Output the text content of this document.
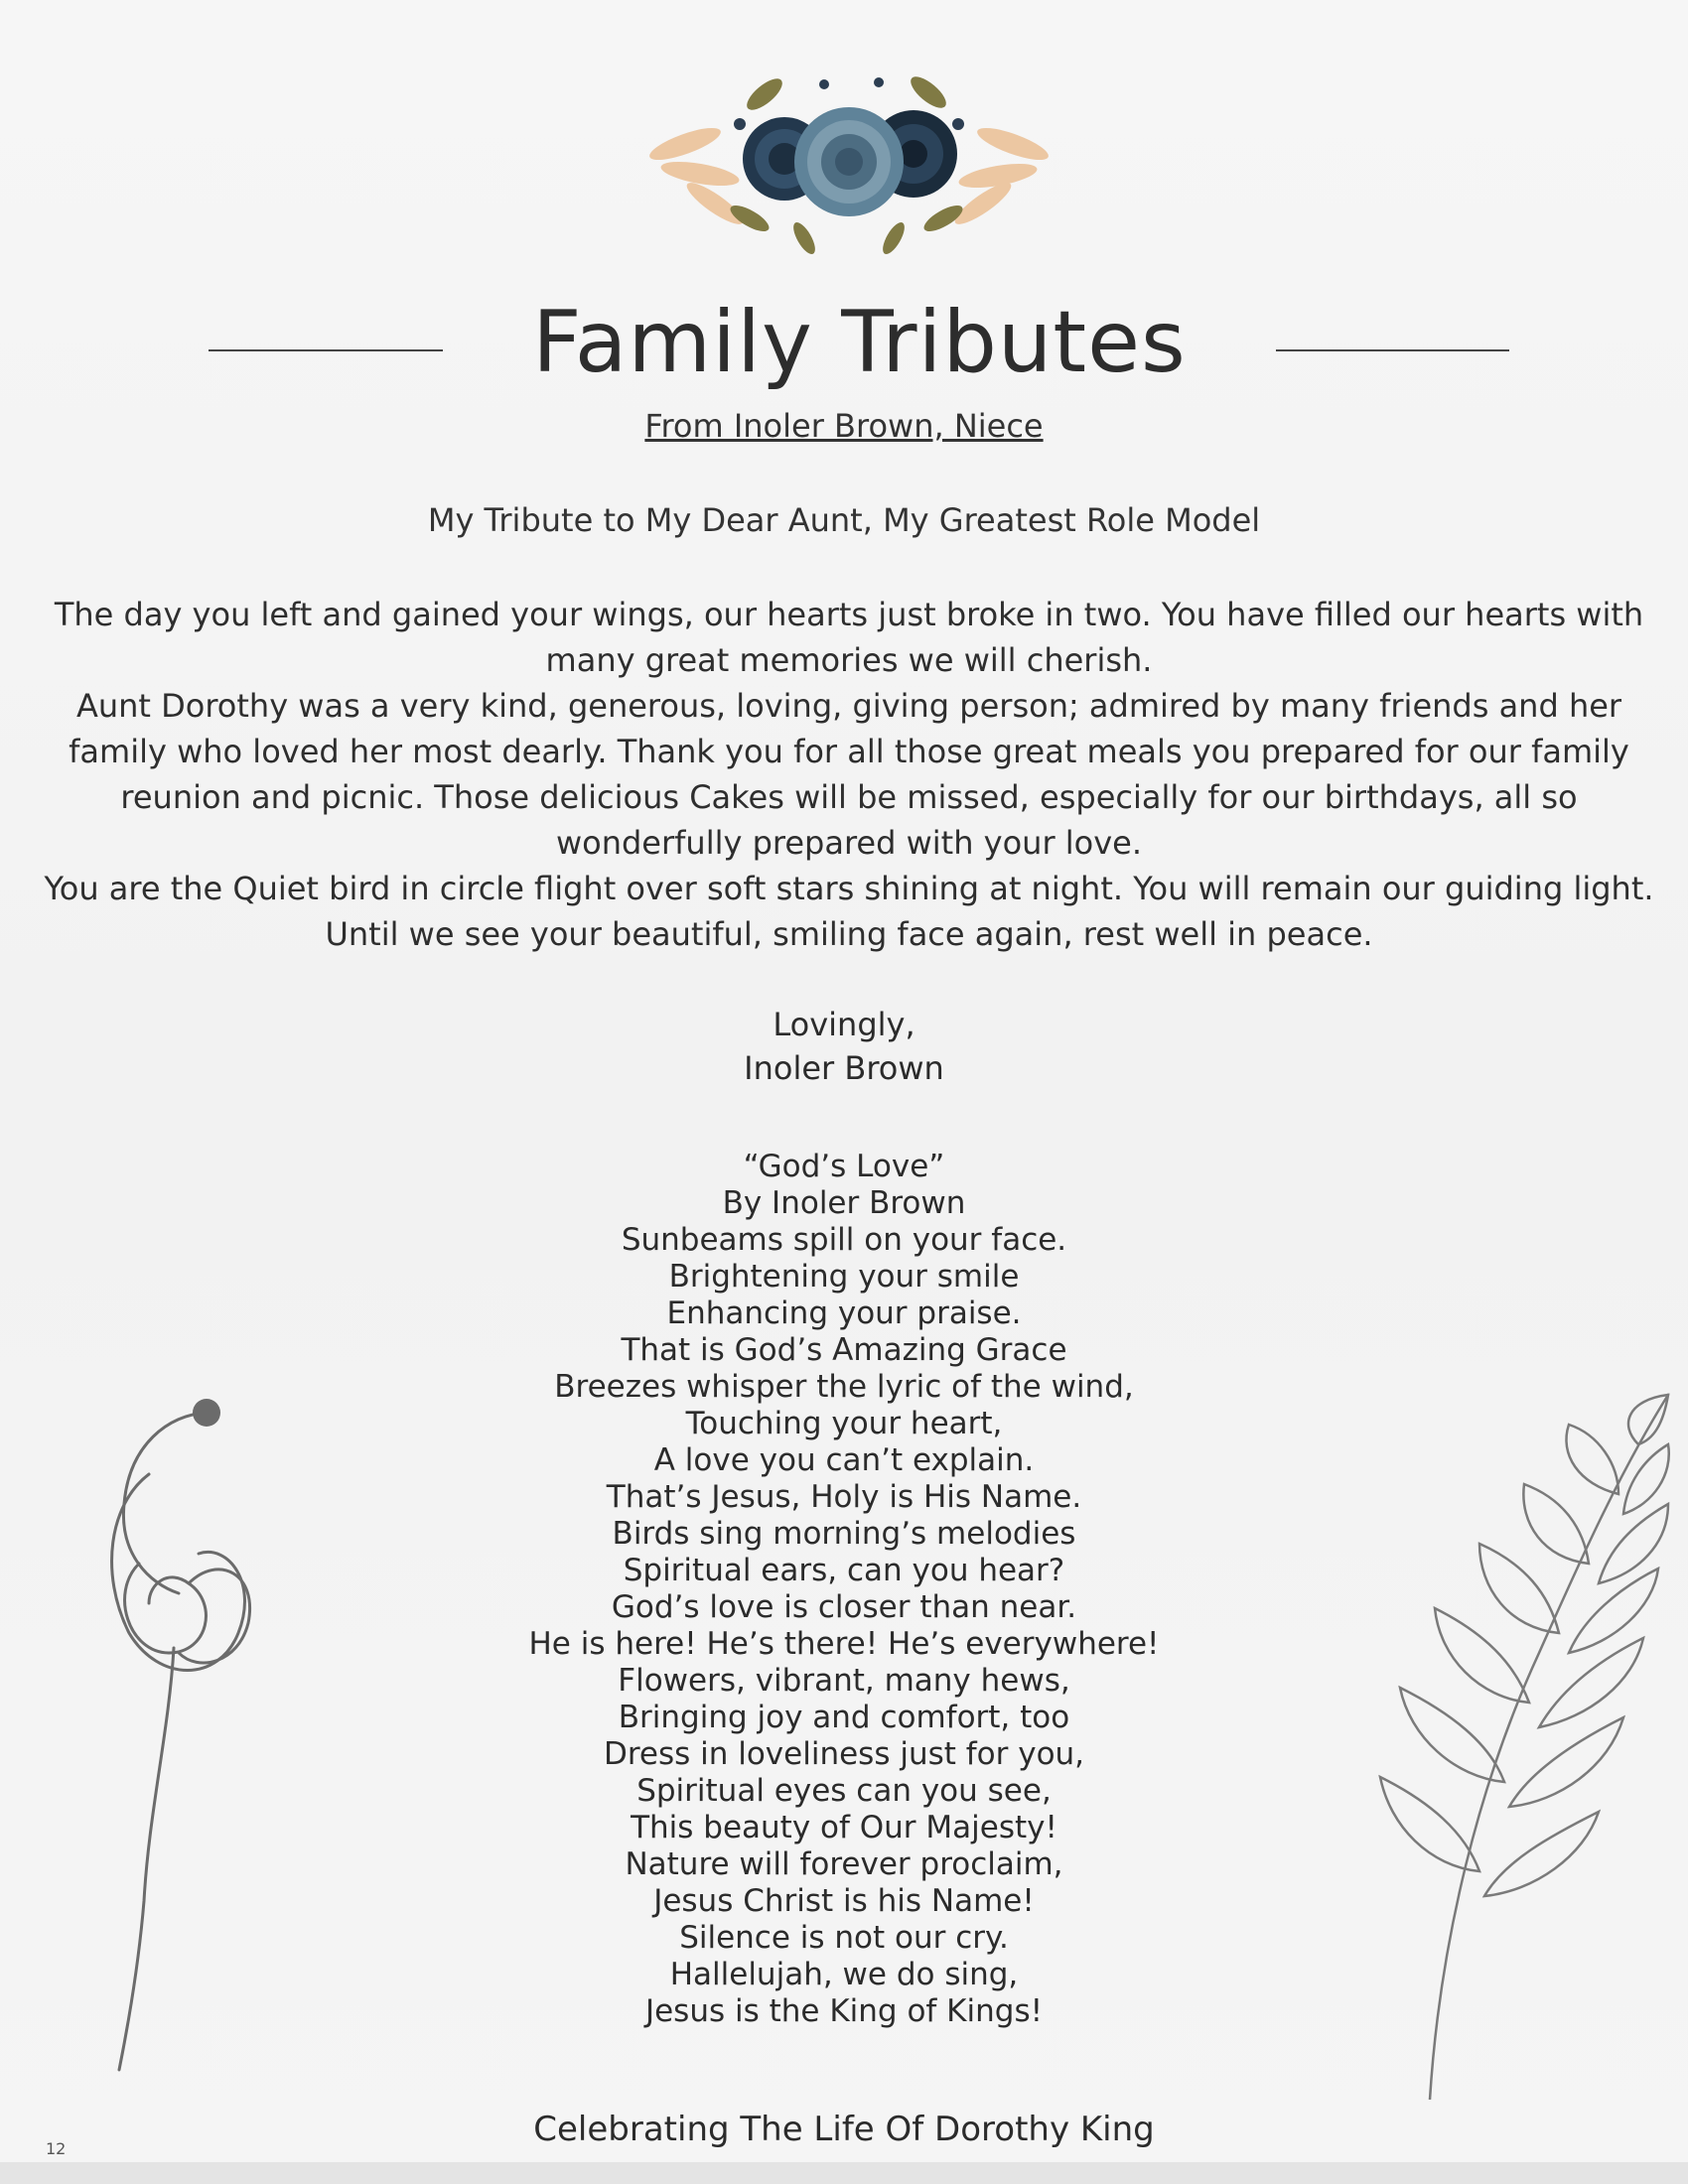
Family Tributes
From Inoler Brown, Niece
My Tribute to My Dear Aunt, My Greatest Role Model

The day you left and gained your wings, our hearts just broke in two. You have filled our hearts with many great memories we will cherish.

Aunt Dorothy was a very kind, generous, loving, giving person; admired by many friends and her family who loved her most dearly. Thank you for all those great meals you prepared for our family reunion and picnic. Those delicious Cakes will be missed, especially for our birthdays, all so wonderfully prepared with your love.

You are the Quiet bird in circle flight over soft stars shining at night. You will remain our guiding light.

Until we see your beautiful, smiling face again, rest well in peace.

Lovingly,
Inoler Brown
“God’s Love”
By Inoler Brown
Sunbeams spill on your face.
Brightening your smile
Enhancing your praise.
That is God’s Amazing Grace
Breezes whisper the lyric of the wind,
Touching your heart,
A love you can’t explain.
That’s Jesus, Holy is His Name.
Birds sing morning’s melodies
Spiritual ears, can you hear?
God’s love is closer than near.
He is here! He’s there! He’s everywhere!
Flowers, vibrant, many hews,
Bringing joy and comfort, too
Dress in loveliness just for you,
Spiritual eyes can you see,
This beauty of Our Majesty!
Nature will forever proclaim,
Jesus Christ is his Name!
Silence is not our cry.
Hallelujah, we do sing,
Jesus is the King of Kings!
Celebrating The Life Of Dorothy King
12
